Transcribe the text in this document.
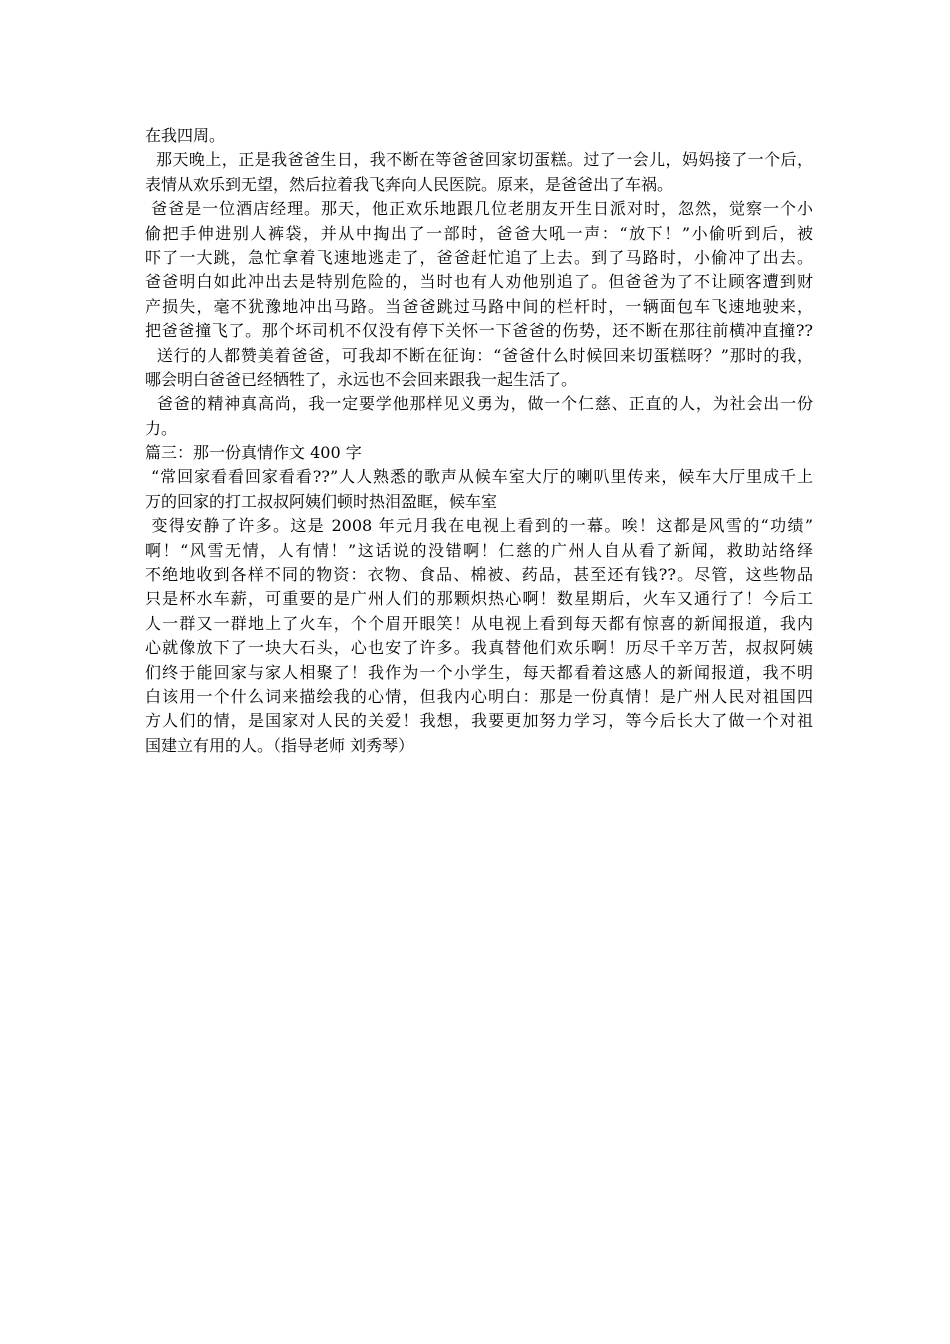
在我四周。
那天晚上，正是我爸爸生日，我不断在等爸爸回家切蛋糕。过了一会儿，妈妈接了一个后，
表情从欢乐到无望，然后拉着我飞奔向人民医院。原来，是爸爸出了车祸。
爸爸是一位酒店经理。那天，他正欢乐地跟几位老朋友开生日派对时，忽然，觉察一个小
偷把手伸进别人裤袋，并从中掏出了一部时，爸爸大吼一声：“放下！”小偷听到后，被
吓了一大跳，急忙拿着飞速地逃走了，爸爸赶忙追了上去。到了马路时，小偷冲了出去。
爸爸明白如此冲出去是特别危险的，当时也有人劝他别追了。但爸爸为了不让顾客遭到财
产损失，毫不犹豫地冲出马路。当爸爸跳过马路中间的栏杆时，一辆面包车飞速地驶来，
把爸爸撞飞了。那个坏司机不仅没有停下关怀一下爸爸的伤势，还不断在那往前横冲直撞??
送行的人都赞美着爸爸，可我却不断在征询：“爸爸什么时候回来切蛋糕呀？”那时的我，
哪会明白爸爸已经牺牲了，永远也不会回来跟我一起生活了。
爸爸的精神真高尚，我一定要学他那样见义勇为，做一个仁慈、正直的人，为社会出一份
力。
篇三：那一份真情作文 400 字
“常回家看看回家看看??”人人熟悉的歌声从候车室大厅的喇叭里传来，候车大厅里成千上
万的回家的打工叔叔阿姨们顿时热泪盈眶，候车室
变得安静了许多。这是 2008 年元月我在电视上看到的一幕。唉！这都是风雪的“功绩”
啊！“风雪无情，人有情！”这话说的没错啊！仁慈的广州人自从看了新闻，救助站络绎
不绝地收到各样不同的物资：衣物、食品、棉被、药品，甚至还有钱??。尽管，这些物品
只是杯水车薪，可重要的是广州人们的那颗炽热心啊！数星期后，火车又通行了！今后工
人一群又一群地上了火车，个个眉开眼笑！从电视上看到每天都有惊喜的新闻报道，我内
心就像放下了一块大石头，心也安了许多。我真替他们欢乐啊！历尽千辛万苦，叔叔阿姨
们终于能回家与家人相聚了！我作为一个小学生，每天都看着这感人的新闻报道，我不明
白该用一个什么词来描绘我的心情，但我内心明白：那是一份真情！是广州人民对祖国四
方人们的情，是国家对人民的关爱！我想，我要更加努力学习，等今后长大了做一个对祖
国建立有用的人。（指导老师 刘秀琴）
